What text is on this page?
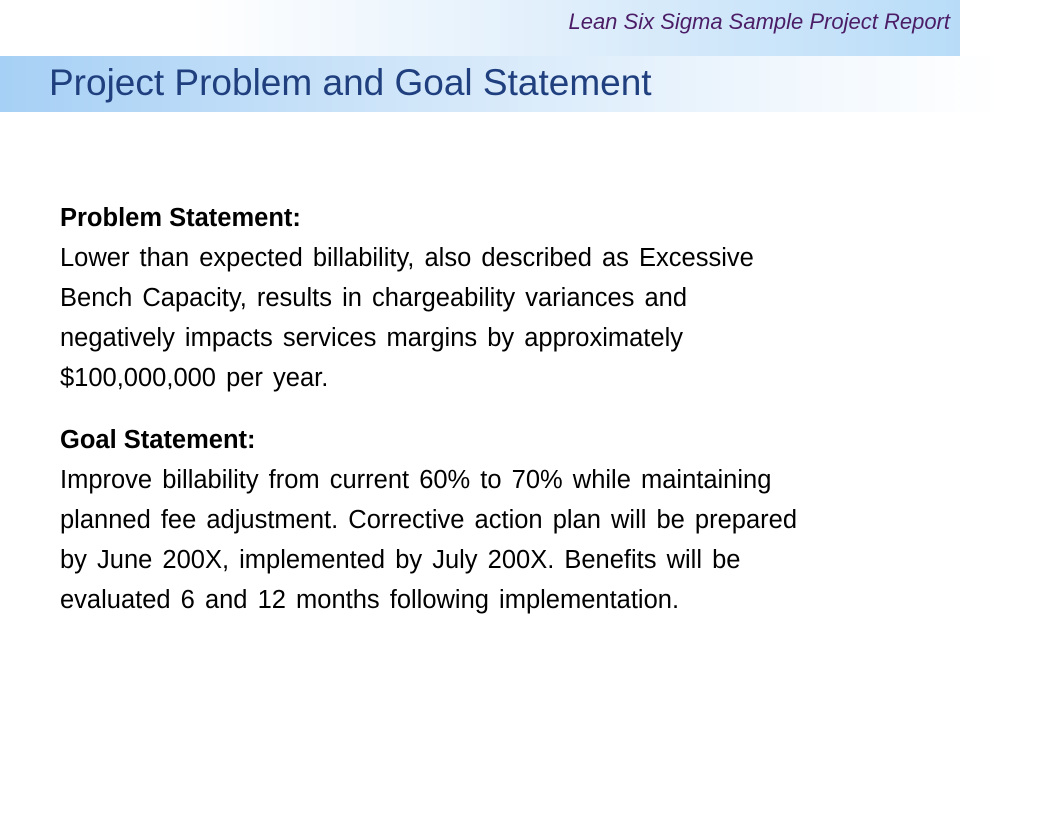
Lean Six Sigma Sample Project Report
Project Problem and Goal Statement
Problem Statement:
Lower than expected billability, also described as Excessive
Bench Capacity, results in chargeability variances and
negatively impacts services margins by approximately
$100,000,000 per year.
Goal Statement:
Improve billability from current 60% to 70% while maintaining
planned fee adjustment. Corrective action plan will be prepared
by June 200X, implemented by July 200X. Benefits will be
evaluated 6 and 12 months following implementation.
